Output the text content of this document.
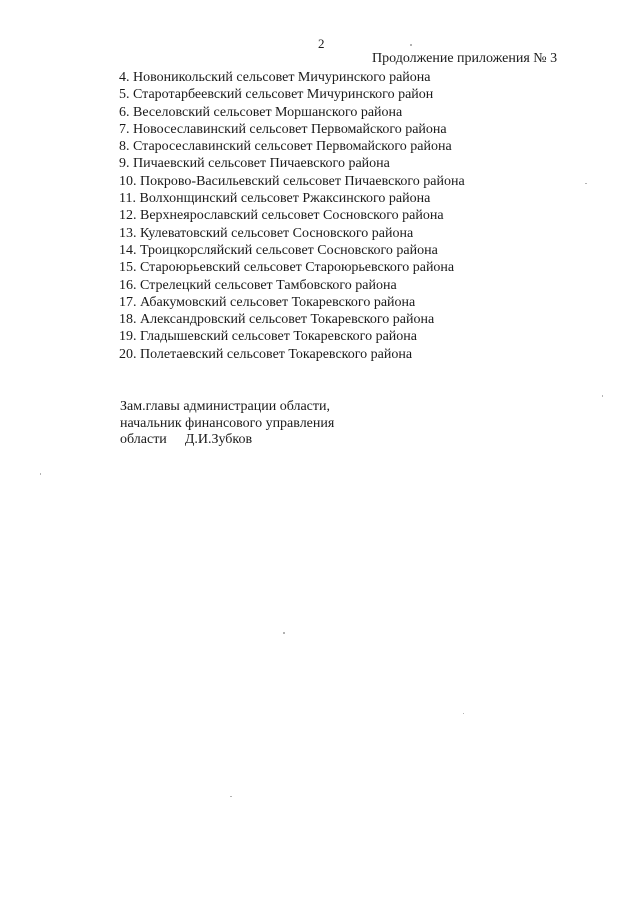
2
Продолжение приложения № 3
4. Новоникольский сельсовет Мичуринского района
5. Старотарбеевский сельсовет Мичуринского район
6. Веселовский сельсовет Моршанского района
7. Новосеславинский сельсовет Первомайского района
8. Старосеславинский сельсовет Первомайского района
9. Пичаевский сельсовет Пичаевского района
10. Покрово-Васильевский сельсовет Пичаевского района
11. Волхонщинский сельсовет Ржаксинского района
12. Верхнеярославский сельсовет Сосновского района
13. Кулеватовский сельсовет Сосновского района
14. Троицкорсляйский сельсовет Сосновского района
15. Староюрьевский сельсовет Староюрьевского района
16. Стрелецкий сельсовет Тамбовского района
17. Абакумовский сельсовет Токаревского района
18. Александровский сельсовет Токаревского района
19. Гладышевский сельсовет Токаревского района
20. Полетаевский сельсовет Токаревского района
Зам.главы администрации области,
начальник финансового управления
области Д.И.Зубков
